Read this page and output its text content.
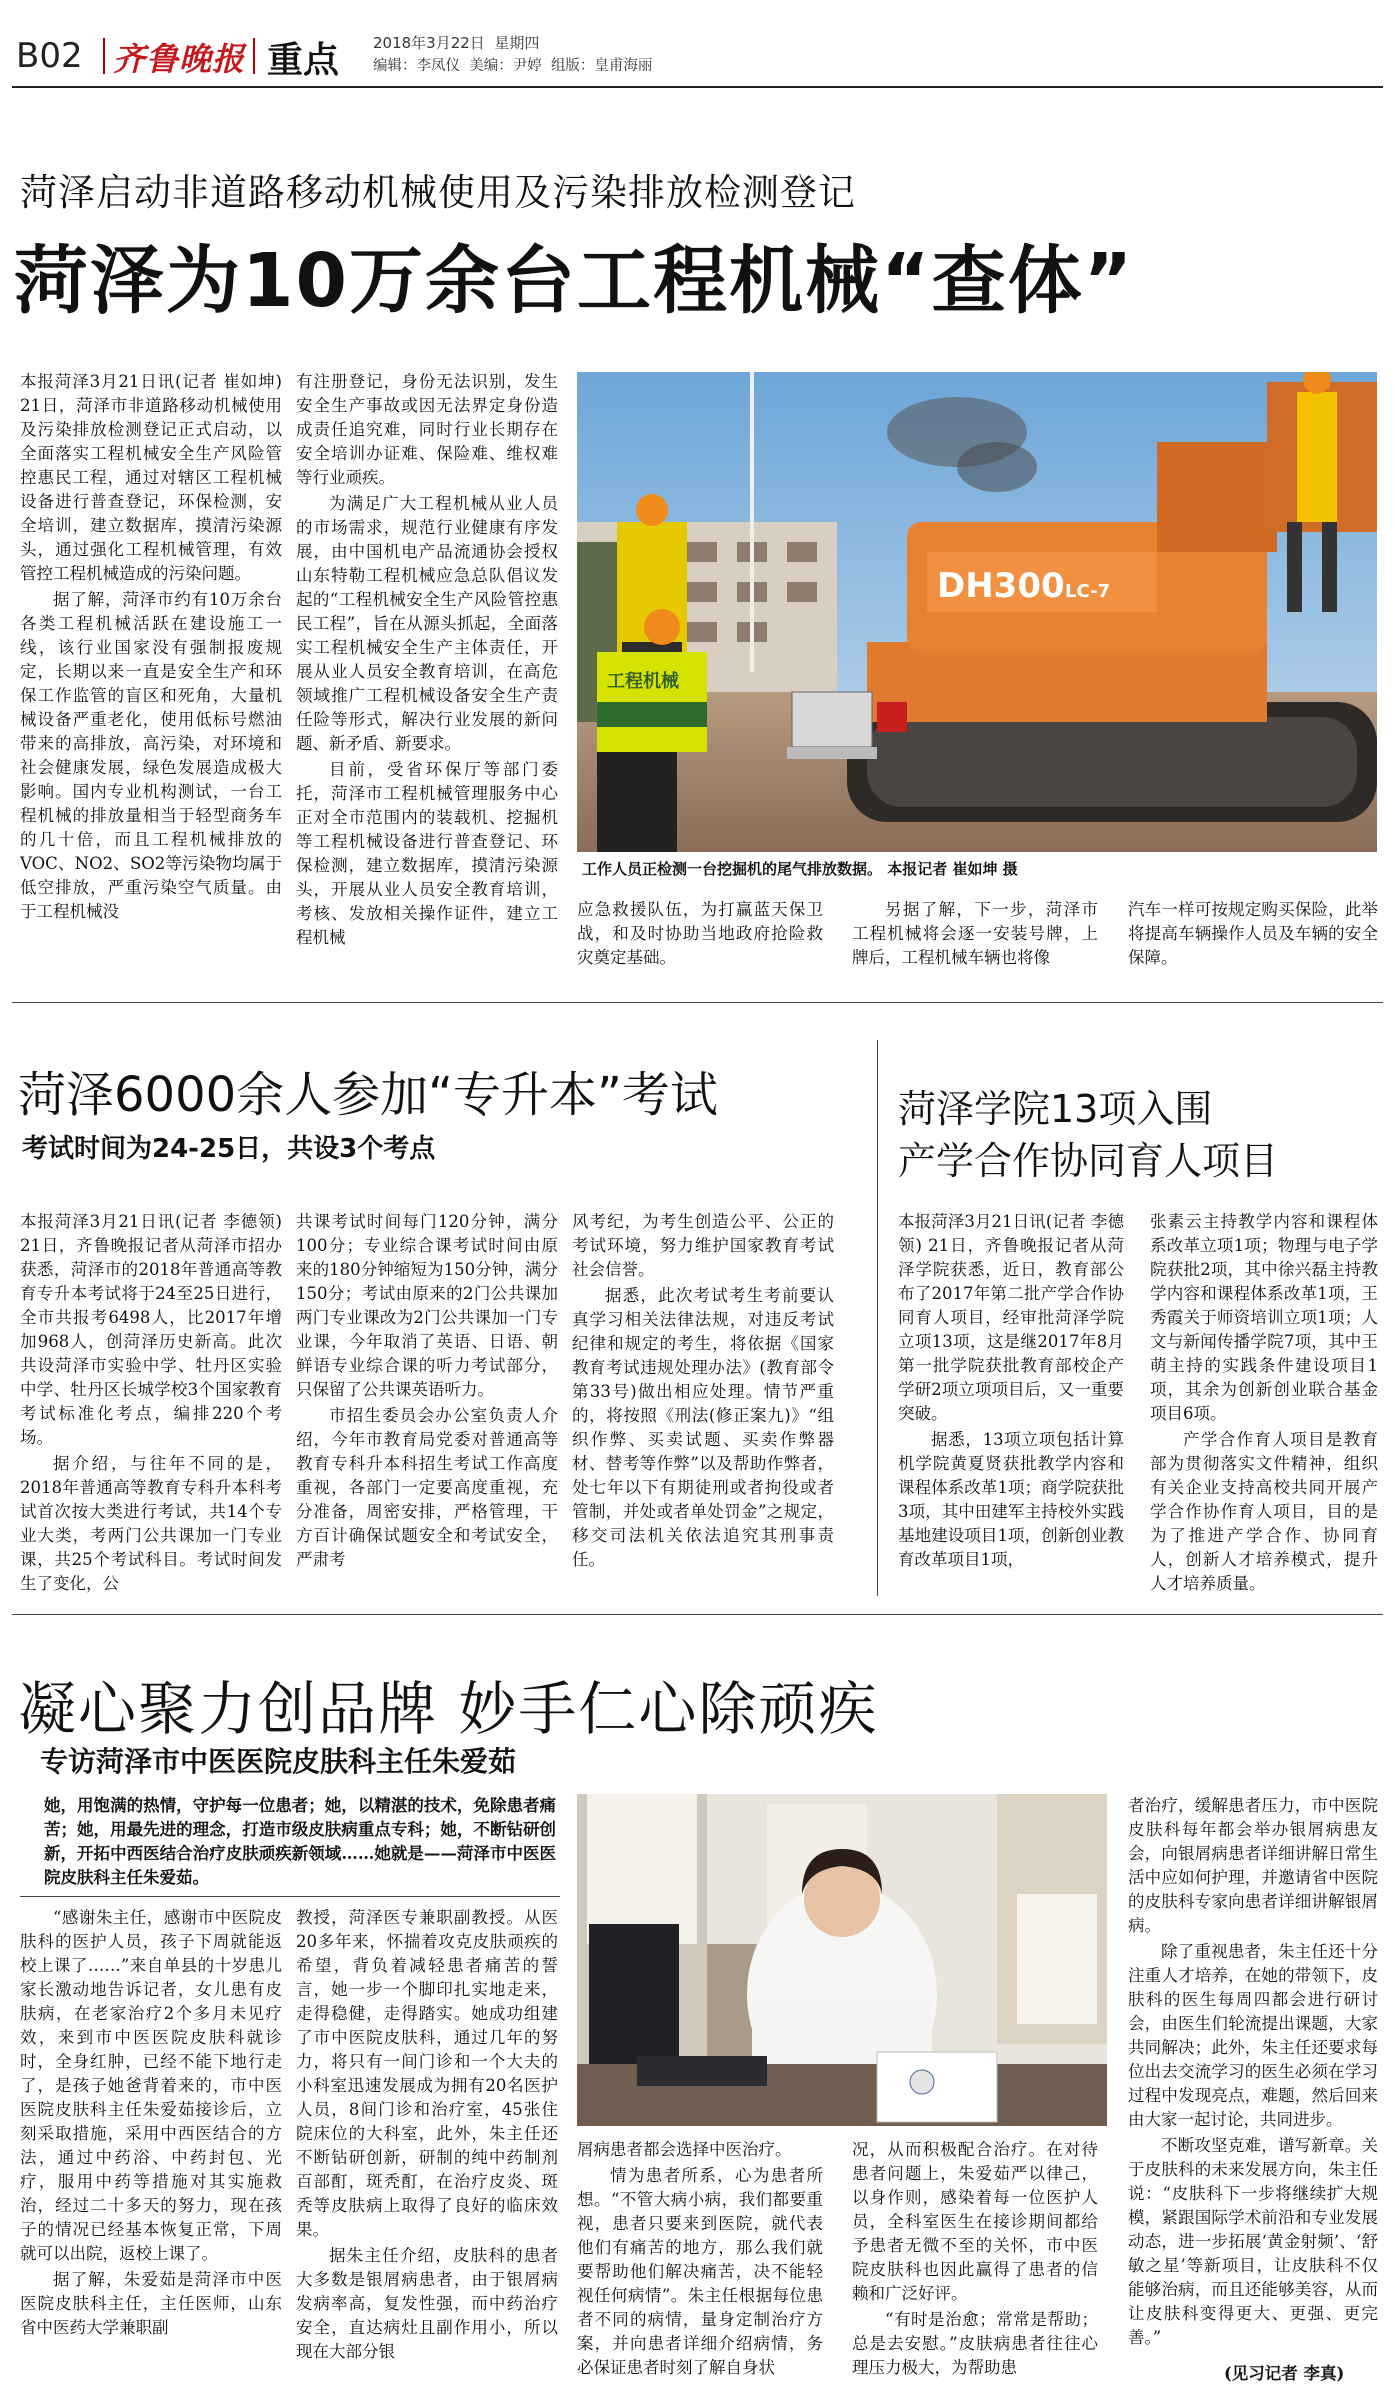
B02 齐鲁晚报 重点 2018年3月22日 星期四
编辑：李凤仪 美编：尹婷 组版：皇甫海丽
菏泽启动非道路移动机械使用及污染排放检测登记
菏泽为10万余台工程机械“查体”

本报菏泽3月21日讯(记者 崔如坤) 21日，菏泽市非道路移动机械使用及污染排放检测登记正式启动，以全面落实工程机械安全生产风险管控惠民工程，通过对辖区工程机械设备进行普查登记，环保检测，安全培训，建立数据库，摸清污染源头，通过强化工程机械管理，有效管控工程机械造成的污染问题。

据了解，菏泽市约有10万余台各类工程机械活跃在建设施工一线，该行业国家没有强制报废规定，长期以来一直是安全生产和环保工作监管的盲区和死角，大量机械设备严重老化，使用低标号燃油带来的高排放，高污染，对环境和社会健康发展，绿色发展造成极大影响。国内专业机构测试，一台工程机械的排放量相当于轻型商务车的几十倍，而且工程机械排放的VOC、NO2、SO2等污染物均属于低空排放，严重污染空气质量。由于工程机械没

有注册登记，身份无法识别，发生安全生产事故或因无法界定身份造成责任追究难，同时行业长期存在安全培训办证难、保险难、维权难等行业顽疾。

为满足广大工程机械从业人员的市场需求，规范行业健康有序发展，由中国机电产品流通协会授权山东特勒工程机械应急总队倡议发起的“工程机械安全生产风险管控惠民工程”，旨在从源头抓起，全面落实工程机械安全生产主体责任，开展从业人员安全教育培训，在高危领域推广工程机械设备安全生产责任险等形式，解决行业发展的新问题、新矛盾、新要求。

目前，受省环保厅等部门委托，菏泽市工程机械管理服务中心正对全市范围内的装载机、挖掘机等工程机械设备进行普查登记、环保检测，建立数据库，摸清污染源头，开展从业人员安全教育培训，考核、发放相关操作证件，建立工程机械

DH300 LC-7
工程机械
工作人员正检测一台挖掘机的尾气排放数据。 本报记者 崔如坤 摄

应急救援队伍，为打赢蓝天保卫战，和及时协助当地政府抢险救灾奠定基础。

另据了解，下一步，菏泽市工程机械将会逐一安装号牌，上牌后，工程机械车辆也将像

汽车一样可按规定购买保险，此举将提高车辆操作人员及车辆的安全保障。

菏泽6000余人参加“专升本”考试
考试时间为24-25日，共设3个考点

本报菏泽3月21日讯(记者 李德领) 21日，齐鲁晚报记者从菏泽市招办获悉，菏泽市的2018年普通高等教育专升本考试将于24至25日进行，全市共报考6498人，比2017年增加968人，创菏泽历史新高。此次共设菏泽市实验中学、牡丹区实验中学、牡丹区长城学校3个国家教育考试标准化考点，编排220个考场。

据介绍，与往年不同的是，2018年普通高等教育专科升本科考试首次按大类进行考试，共14个专业大类，考两门公共课加一门专业课，共25个考试科目。考试时间发生了变化，公

共课考试时间每门120分钟，满分100分；专业综合课考试时间由原来的180分钟缩短为150分钟，满分150分；考试由原来的2门公共课加两门专业课改为2门公共课加一门专业课，今年取消了英语、日语、朝鲜语专业综合课的听力考试部分，只保留了公共课英语听力。

市招生委员会办公室负责人介绍，今年市教育局党委对普通高等教育专科升本科招生考试工作高度重视，各部门一定要高度重视，充分准备，周密安排，严格管理，干方百计确保试题安全和考试安全，严肃考

风考纪，为考生创造公平、公正的考试环境，努力维护国家教育考试社会信誉。

据悉，此次考试考生考前要认真学习相关法律法规，对违反考试纪律和规定的考生，将依据《国家教育考试违规处理办法》(教育部令第33号)做出相应处理。情节严重的，将按照《刑法(修正案九)》“组织作弊、买卖试题、买卖作弊器材、替考等作弊”以及帮助作弊者，处七年以下有期徒刑或者拘役或者管制，并处或者单处罚金”之规定，移交司法机关依法追究其刑事责任。

菏泽学院13项入围
产学合作协同育人项目

本报菏泽3月21日讯(记者 李德领) 21日，齐鲁晚报记者从菏泽学院获悉，近日，教育部公布了2017年第二批产学合作协同育人项目，经审批菏泽学院立项13项，这是继2017年8月第一批学院获批教育部校企产学研2项立项项目后，又一重要突破。

据悉，13项立项包括计算机学院黄夏贤获批教学内容和课程体系改革1项；商学院获批3项，其中田建军主持校外实践基地建设项目1项，创新创业教育改革项目1项，

张素云主持教学内容和课程体系改革立项1项；物理与电子学院获批2项，其中徐兴磊主持教学内容和课程体系改革1项，王秀霞关于师资培训立项1项；人文与新闻传播学院7项，其中王萌主持的实践条件建设项目1项，其余为创新创业联合基金项目6项。

产学合作育人项目是教育部为贯彻落实文件精神，组织有关企业支持高校共同开展产学合作协作育人项目，目的是为了推进产学合作、协同育人，创新人才培养模式，提升人才培养质量。

凝心聚力创品牌 妙手仁心除顽疾
专访菏泽市中医医院皮肤科主任朱爱茹

她，用饱满的热情，守护每一位患者；她，以精湛的技术，免除患者痛苦；她，用最先进的理念，打造市级皮肤病重点专科；她，不断钻研创新，开拓中西医结合治疗皮肤顽疾新领域……她就是——菏泽市中医医院皮肤科主任朱爱茹。

“感谢朱主任，感谢市中医院皮肤科的医护人员，孩子下周就能返校上课了……”来自单县的十岁患儿家长激动地告诉记者，女儿患有皮肤病，在老家治疗2个多月未见疗效，来到市中医医院皮肤科就诊时，全身红肿，已经不能下地行走了，是孩子她爸背着来的，市中医医院皮肤科主任朱爱茹接诊后，立刻采取措施，采用中西医结合的方法，通过中药浴、中药封包、光疗，服用中药等措施对其实施救治，经过二十多天的努力，现在孩子的情况已经基本恢复正常，下周就可以出院，返校上课了。

据了解，朱爱茹是菏泽市中医医院皮肤科主任，主任医师，山东省中医药大学兼职副

教授，菏泽医专兼职副教授。从医20多年来，怀揣着攻克皮肤顽疾的希望，背负着减轻患者痛苦的誓言，她一步一个脚印扎实地走来，走得稳健，走得踏实。她成功组建了市中医院皮肤科，通过几年的努力，将只有一间门诊和一个大夫的小科室迅速发展成为拥有20名医护人员，8间门诊和治疗室，45张住院床位的大科室，此外，朱主任还不断钻研创新，研制的纯中药制剂百部酊，斑秃酊，在治疗皮炎、斑秃等皮肤病上取得了良好的临床效果。

据朱主任介绍，皮肤科的患者大多数是银屑病患者，由于银屑病发病率高，复发性强，而中药治疗安全，直达病灶且副作用小，所以现在大部分银

屑病患者都会选择中医治疗。

情为患者所系，心为患者所想。“不管大病小病，我们都要重视，患者只要来到医院，就代表他们有痛苦的地方，那么我们就要帮助他们解决痛苦，决不能轻视任何病情”。朱主任根据每位患者不同的病情，量身定制治疗方案，并向患者详细介绍病情，务必保证患者时刻了解自身状

况，从而积极配合治疗。在对待患者问题上，朱爱茹严以律己，以身作则，感染着每一位医护人员，全科室医生在接诊期间都给予患者无微不至的关怀，市中医院皮肤科也因此赢得了患者的信赖和广泛好评。

“有时是治愈；常常是帮助；总是去安慰。”皮肤病患者往往心理压力极大，为帮助患

者治疗，缓解患者压力，市中医院皮肤科每年都会举办银屑病患友会，向银屑病患者详细讲解日常生活中应如何护理，并邀请省中医院的皮肤科专家向患者详细讲解银屑病。

除了重视患者，朱主任还十分注重人才培养，在她的带领下，皮肤科的医生每周四都会进行研讨会，由医生们轮流提出课题，大家共同解决；此外，朱主任还要求每位出去交流学习的医生必须在学习过程中发现亮点，难题，然后回来由大家一起讨论，共同进步。

不断攻坚克难，谱写新章。关于皮肤科的未来发展方向，朱主任说：“皮肤科下一步将继续扩大规模，紧跟国际学术前沿和专业发展动态，进一步拓展‘黄金射频’、‘舒敏之星’等新项目，让皮肤科不仅能够治病，而且还能够美容，从而让皮肤科变得更大、更强、更完善。”

(见习记者 李真)
